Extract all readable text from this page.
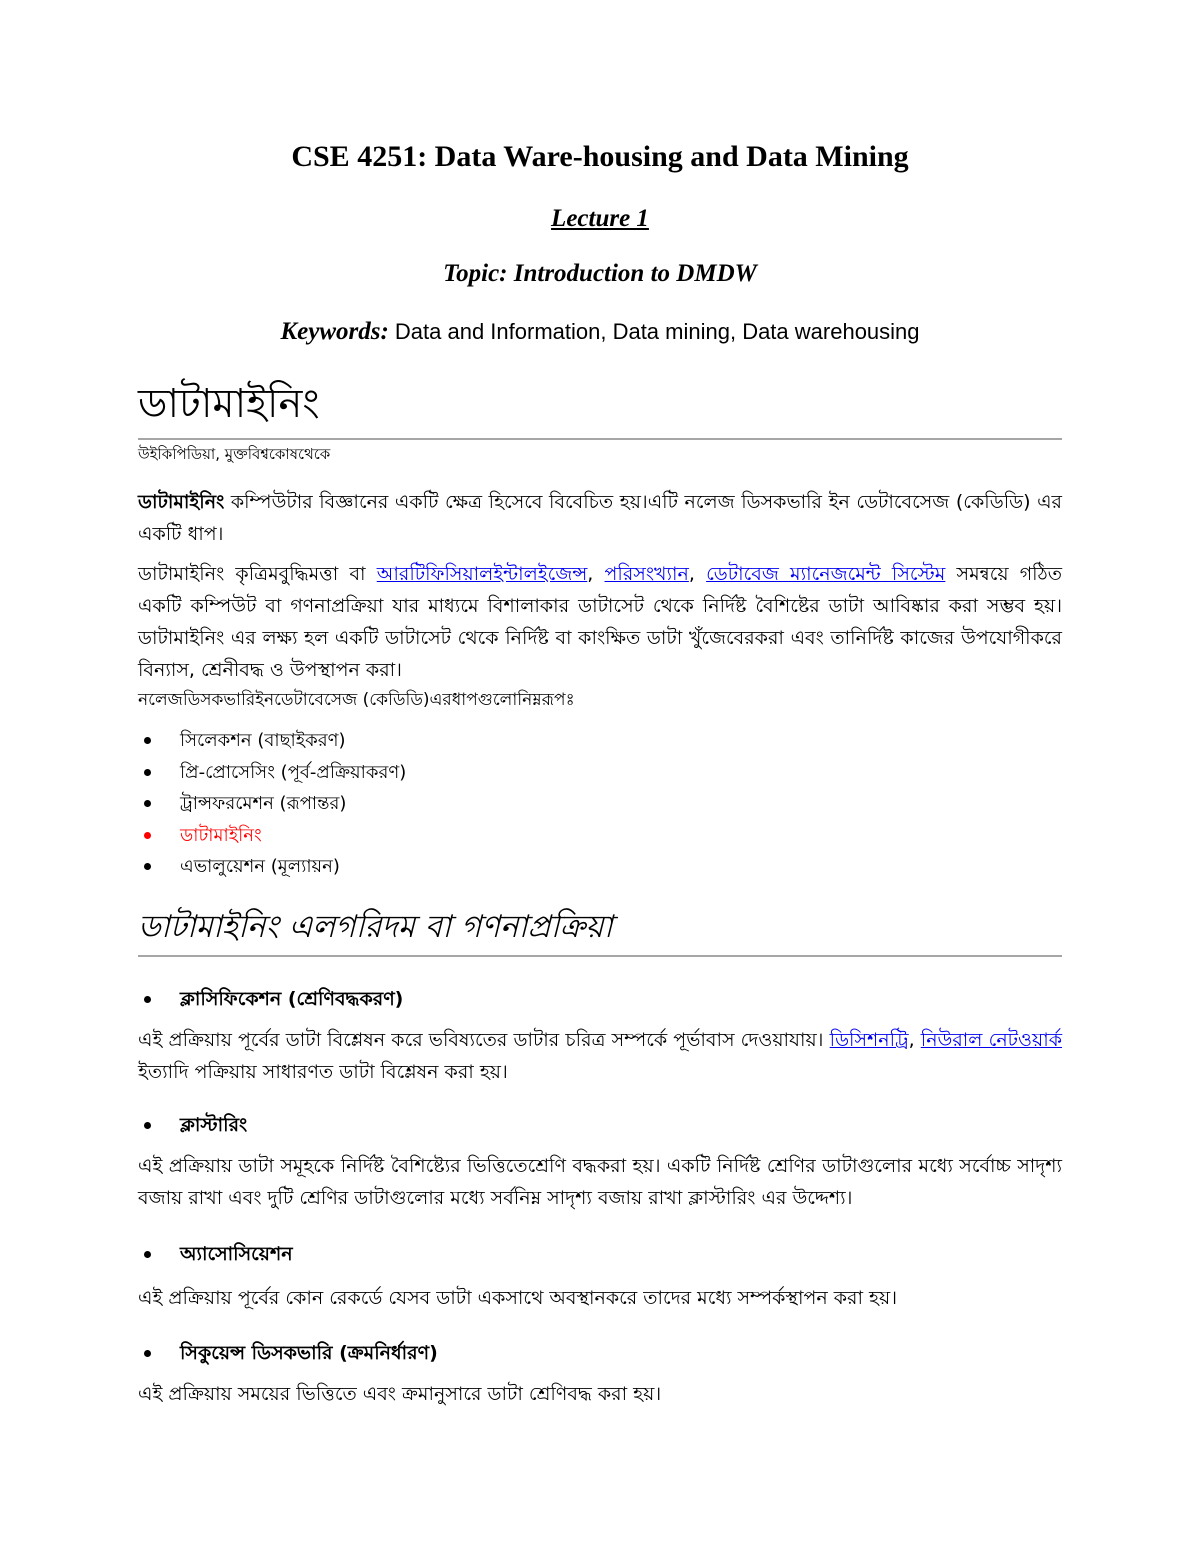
CSE 4251: Data Ware-housing and Data Mining
Lecture 1
Topic: Introduction to DMDW
Keywords: Data and Information, Data mining, Data warehousing
ডাটামাইনিং
উইকিপিডিয়া, মুক্তবিশ্বকোষথেকে
ডাটামাইনিং কম্পিউটার বিজ্ঞানের একটি ক্ষেত্র হিসেবে বিবেচিত হয়।এটি নলেজ ডিসকভারি ইন ডেটাবেসেজ (কেডিডি) এর একটি ধাপ।
ডাটামাইনিং কৃত্রিমবুদ্ধিমত্তা বা আরটিফিসিয়ালইন্টালইজেন্স, পরিসংখ্যান, ডেটাবেজ ম্যানেজমেন্ট সিস্টেম সমন্বয়ে গঠিত একটি কম্পিউট বা গণনাপ্রক্রিয়া যার মাধ্যমে বিশালাকার ডাটাসেট থেকে নির্দিষ্ট বৈশিষ্টের ডাটা আবিষ্কার করা সম্ভব হয়। ডাটামাইনিং এর লক্ষ্য হল একটি ডাটাসেট থেকে নির্দিষ্ট বা কাংক্ষিত ডাটা খুঁজেবেরকরা এবং তানির্দিষ্ট কাজের উপযোগীকরে বিন্যাস, শ্রেনীবদ্ধ ও উপস্থাপন করা।
নলেজডিসকভারিইনডেটাবেসেজ (কেডিডি)এরধাপগুলোনিম্নরূপঃ
সিলেকশন (বাছাইকরণ)
প্রি-প্রোসেসিং (পূর্ব-প্রক্রিয়াকরণ)
ট্রান্সফরমেশন (রূপান্তর)
ডাটামাইনিং
এভালুয়েশন (মূল্যায়ন)
ডাটামাইনিং এলগরিদম বা গণনাপ্রক্রিয়া
ক্লাসিফিকেশন (শ্রেণিবদ্ধকরণ)
এই প্রক্রিয়ায় পূর্বের ডাটা বিশ্লেষন করে ভবিষ্যতের ডাটার চরিত্র সম্পর্কে পূর্ভাবাস দেওয়াযায়। ডিসিশনট্রি, নিউরাল নেটওয়ার্ক ইত্যাদি পক্রিয়ায় সাধারণত ডাটা বিশ্লেষন করা হয়।
ক্লাস্টারিং
এই প্রক্রিয়ায় ডাটা সমূহকে নির্দিষ্ট বৈশিষ্ট্যের ভিত্তিতেশ্রেণি বদ্ধকরা হয়। একটি নির্দিষ্ট শ্রেণির ডাটাগুলোর মধ্যে সর্বোচ্চ সাদৃশ্য বজায় রাখা এবং দুটি শ্রেণির ডাটাগুলোর মধ্যে সর্বনিম্ন সাদৃশ্য বজায় রাখা ক্লাস্টারিং এর উদ্দেশ্য।
অ্যাসোসিয়েশন
এই প্রক্রিয়ায় পূর্বের কোন রেকর্ডে যেসব ডাটা একসাথে অবস্থানকরে তাদের মধ্যে সম্পর্কস্থাপন করা হয়।
সিকুয়েন্স ডিসকভারি (ক্রমনির্ধারণ)
এই প্রক্রিয়ায় সময়ের ভিত্তিতে এবং ক্রমানুসারে ডাটা শ্রেণিবদ্ধ করা হয়।
